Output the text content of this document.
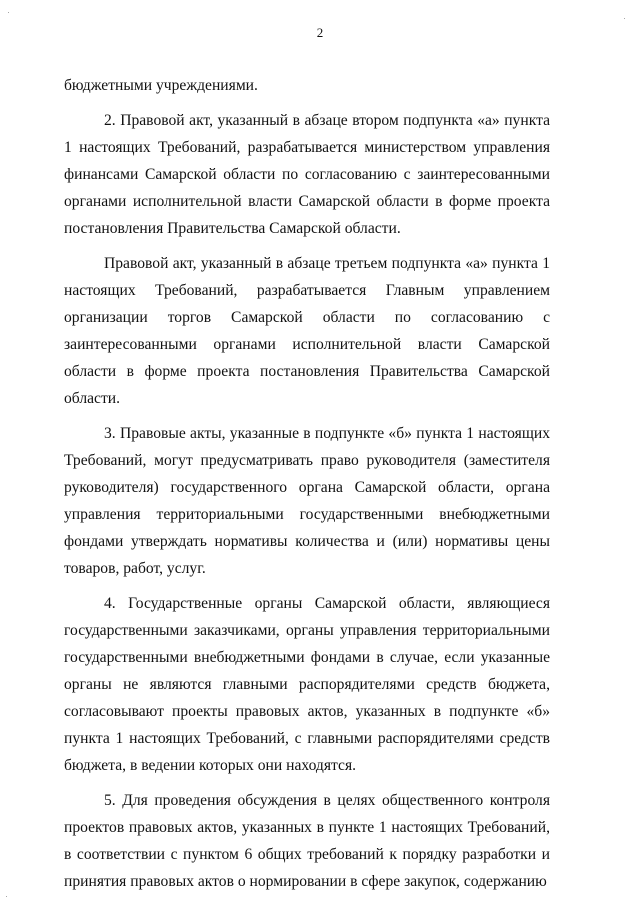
2

бюджетными учреждениями.

2. Правовой акт, указанный в абзаце втором подпункта «а» пункта 1 настоящих Требований, разрабатывается министерством управления финансами Самарской области по согласованию с заинтересованными органами исполнительной власти Самарской области в форме проекта постановления Правительства Самарской области.

Правовой акт, указанный в абзаце третьем подпункта «а» пункта 1 настоящих Требований, разрабатывается Главным управлением организации торгов Самарской области по согласованию с заинтересованными органами исполнительной власти Самарской области в форме проекта постановления Правительства Самарской области.

3. Правовые акты, указанные в подпункте «б» пункта 1 настоящих Требований, могут предусматривать право руководителя (заместителя руководителя) государственного органа Самарской области, органа управления территориальными государственными внебюджетными фондами утверждать нормативы количества и (или) нормативы цены товаров, работ, услуг.

4. Государственные органы Самарской области, являющиеся государственными заказчиками, органы управления территориальными государственными внебюджетными фондами в случае, если указанные органы не являются главными распорядителями средств бюджета, согласовывают проекты правовых актов, указанных в подпункте «б» пункта 1 настоящих Требований, с главными распорядителями средств бюджета, в ведении которых они находятся.

5. Для проведения обсуждения в целях общественного контроля проектов правовых актов, указанных в пункте 1 настоящих Требований, в соответствии с пунктом 6 общих требований к порядку разработки и принятия правовых актов о нормировании в сфере закупок, содержанию
